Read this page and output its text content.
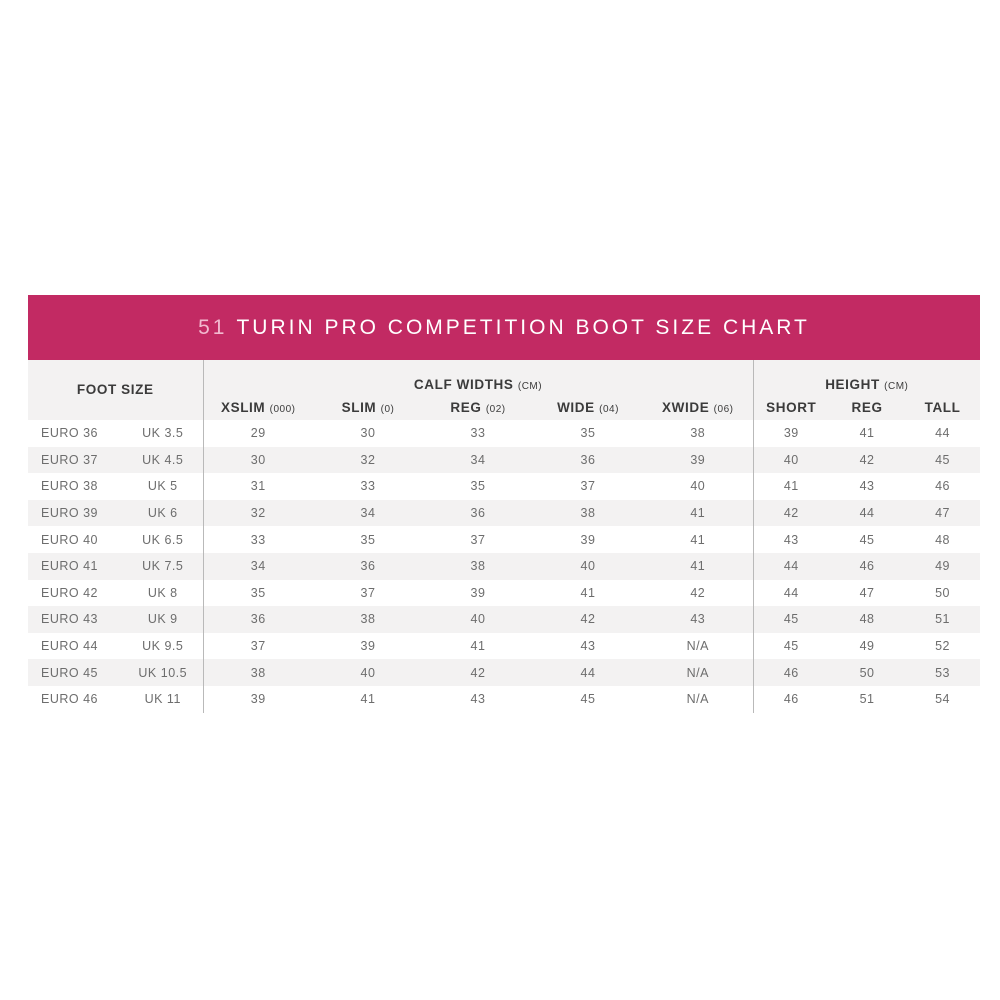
51 TURIN PRO COMPETITION BOOT SIZE CHART
FOOT SIZE		CALF WIDTHS (CM)					HEIGHT (CM)		
		XSLIM (000)	SLIM (0)	REG (02)	WIDE (04)	XWIDE (06)	SHORT	REG	TALL
EURO 36	UK 3.5	29	30	33	35	38	39	41	44
EURO 37	UK 4.5	30	32	34	36	39	40	42	45
EURO 38	UK 5	31	33	35	37	40	41	43	46
EURO 39	UK 6	32	34	36	38	41	42	44	47
EURO 40	UK 6.5	33	35	37	39	41	43	45	48
EURO 41	UK 7.5	34	36	38	40	41	44	46	49
EURO 42	UK 8	35	37	39	41	42	44	47	50
EURO 43	UK 9	36	38	40	42	43	45	48	51
EURO 44	UK 9.5	37	39	41	43	N/A	45	49	52
EURO 45	UK 10.5	38	40	42	44	N/A	46	50	53
EURO 46	UK 11	39	41	43	45	N/A	46	51	54
